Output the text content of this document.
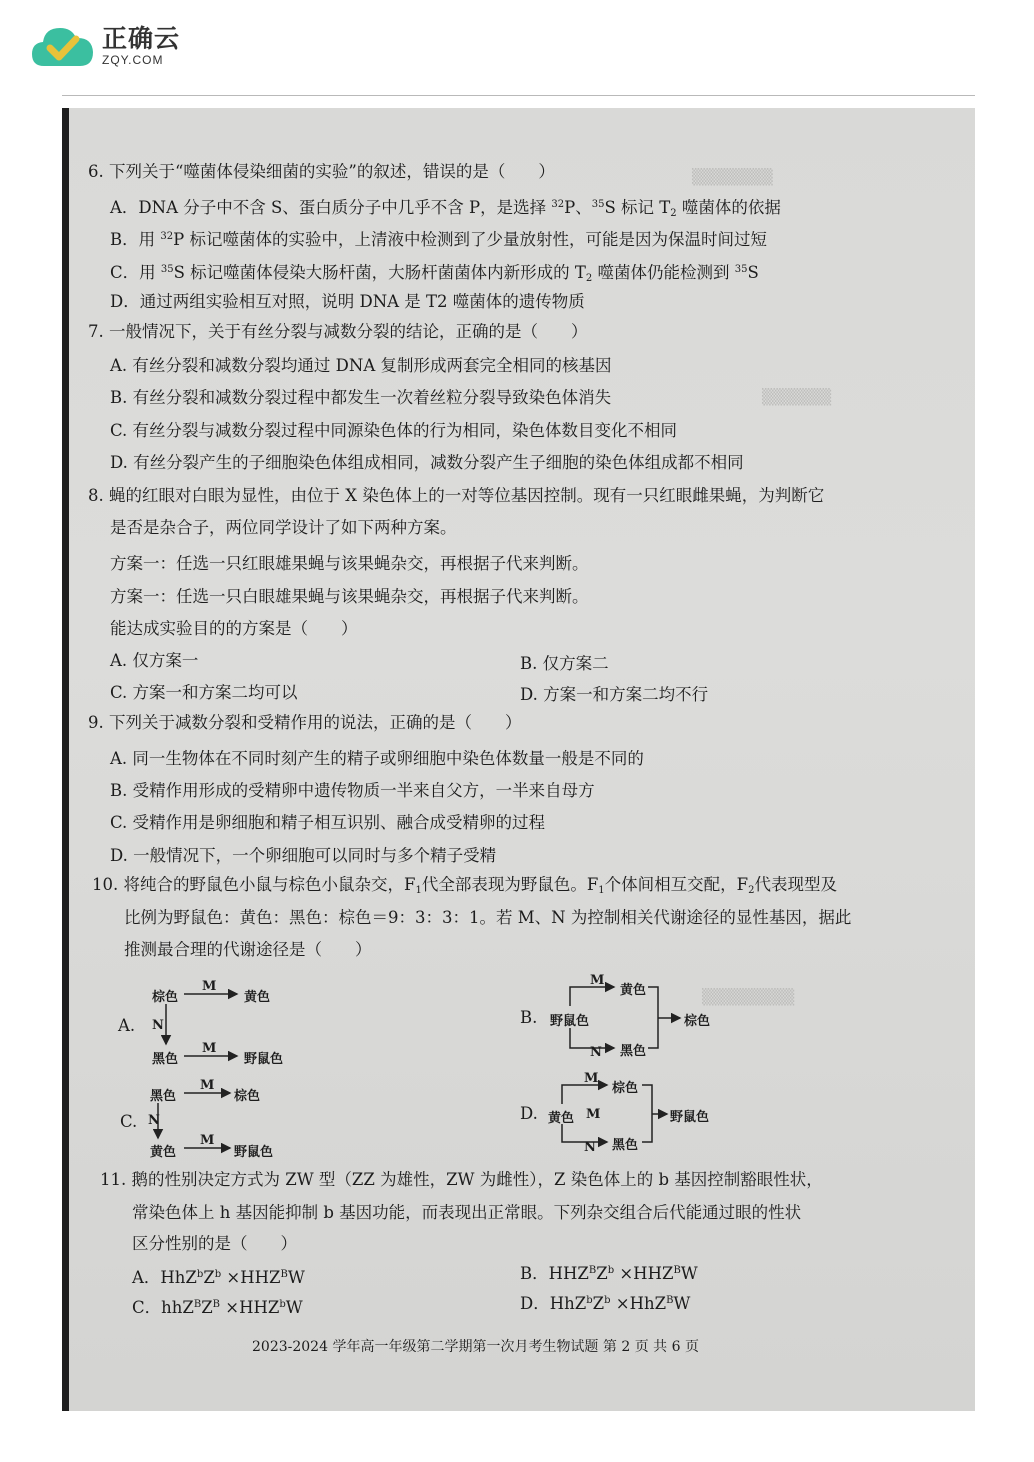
正确云
ZQY.COM
▒▒▒▒▒▒▒
▒▒▒▒▒▒
▒▒▒▒▒▒▒▒
6. 下列关于“噬菌体侵染细菌的实验”的叙述，错误的是（　　）
A．DNA 分子中不含 S、蛋白质分子中几乎不含 P，是选择 $^{32}$P、$^{35}$S 标记 $T_2$ 噬菌体的依据
B．用 $^{32}$P 标记噬菌体的实验中，上清液中检测到了少量放射性，可能是因为保温时间过短
C．用 $^{35}$S 标记噬菌体侵染大肠杆菌，大肠杆菌菌体内新形成的 $T_2$ 噬菌体仍能检测到 $^{35}$S
D．通过两组实验相互对照，说明 DNA 是 T2 噬菌体的遗传物质
7. 一般情况下，关于有丝分裂与减数分裂的结论，正确的是（　　）
A. 有丝分裂和减数分裂均通过 DNA 复制形成两套完全相同的核基因
B. 有丝分裂和减数分裂过程中都发生一次着丝粒分裂导致染色体消失
C. 有丝分裂与减数分裂过程中同源染色体的行为相同，染色体数目变化不相同
D. 有丝分裂产生的子细胞染色体组成相同，减数分裂产生子细胞的染色体组成都不相同
8. 蝇的红眼对白眼为显性，由位于 X 染色体上的一对等位基因控制。现有一只红眼雌果蝇，为判断它
是否是杂合子，两位同学设计了如下两种方案。
方案一：任选一只红眼雄果蝇与该果蝇杂交，再根据子代来判断。
方案一：任选一只白眼雄果蝇与该果蝇杂交，再根据子代来判断。
能达成实验目的的方案是（　　）
A. 仅方案一	B. 仅方案二
C. 方案一和方案二均可以	D. 方案一和方案二均不行
9. 下列关于减数分裂和受精作用的说法，正确的是（　　）
A. 同一生物体在不同时刻产生的精子或卵细胞中染色体数量一般是不同的
B. 受精作用形成的受精卵中遗传物质一半来自父方，一半来自母方
C. 受精作用是卵细胞和精子相互识别、融合成受精卵的过程
D. 一般情况下，一个卵细胞可以同时与多个精子受精
10. 将纯合的野鼠色小鼠与棕色小鼠杂交，$F_1$代全部表现为野鼠色。$F_1$个体间相互交配，$F_2$代表现型及
比例为野鼠色：黄色：黑色：棕色＝9：3：3：1。若 M、N 为控制相关代谢途径的显性基因，据此
推测最合理的代谢途径是（　　）
A.
棕色
M
黄色
N
黑色
M
野鼠色
B. 野鼠色
M
黄色
N 黑色
棕色
C.
黑色
M
棕色
N
黄色
M
野鼠色
D. 黄色
M
M
N
棕色
黑色
野鼠色
11. 鹅的性别决定方式为 ZW 型（ZZ 为雄性，ZW 为雌性），Z 染色体上的 b 基因控制豁眼性状，
常染色体上 h 基因能抑制 b 基因功能，而表现出正常眼。下列杂交组合后代能通过眼的性状
区分性别的是（　　）
A．$HhZ^bZ^b \times HHZ^BW$	B．$HHZ^BZ^b \times HHZ^BW$
C．$hhZ^BZ^B \times HHZ^bW$	D．$HhZ^bZ^b \times HhZ^BW$
2023-2024 学年高一年级第二学期第一次月考生物试题 第 2 页 共 6 页
